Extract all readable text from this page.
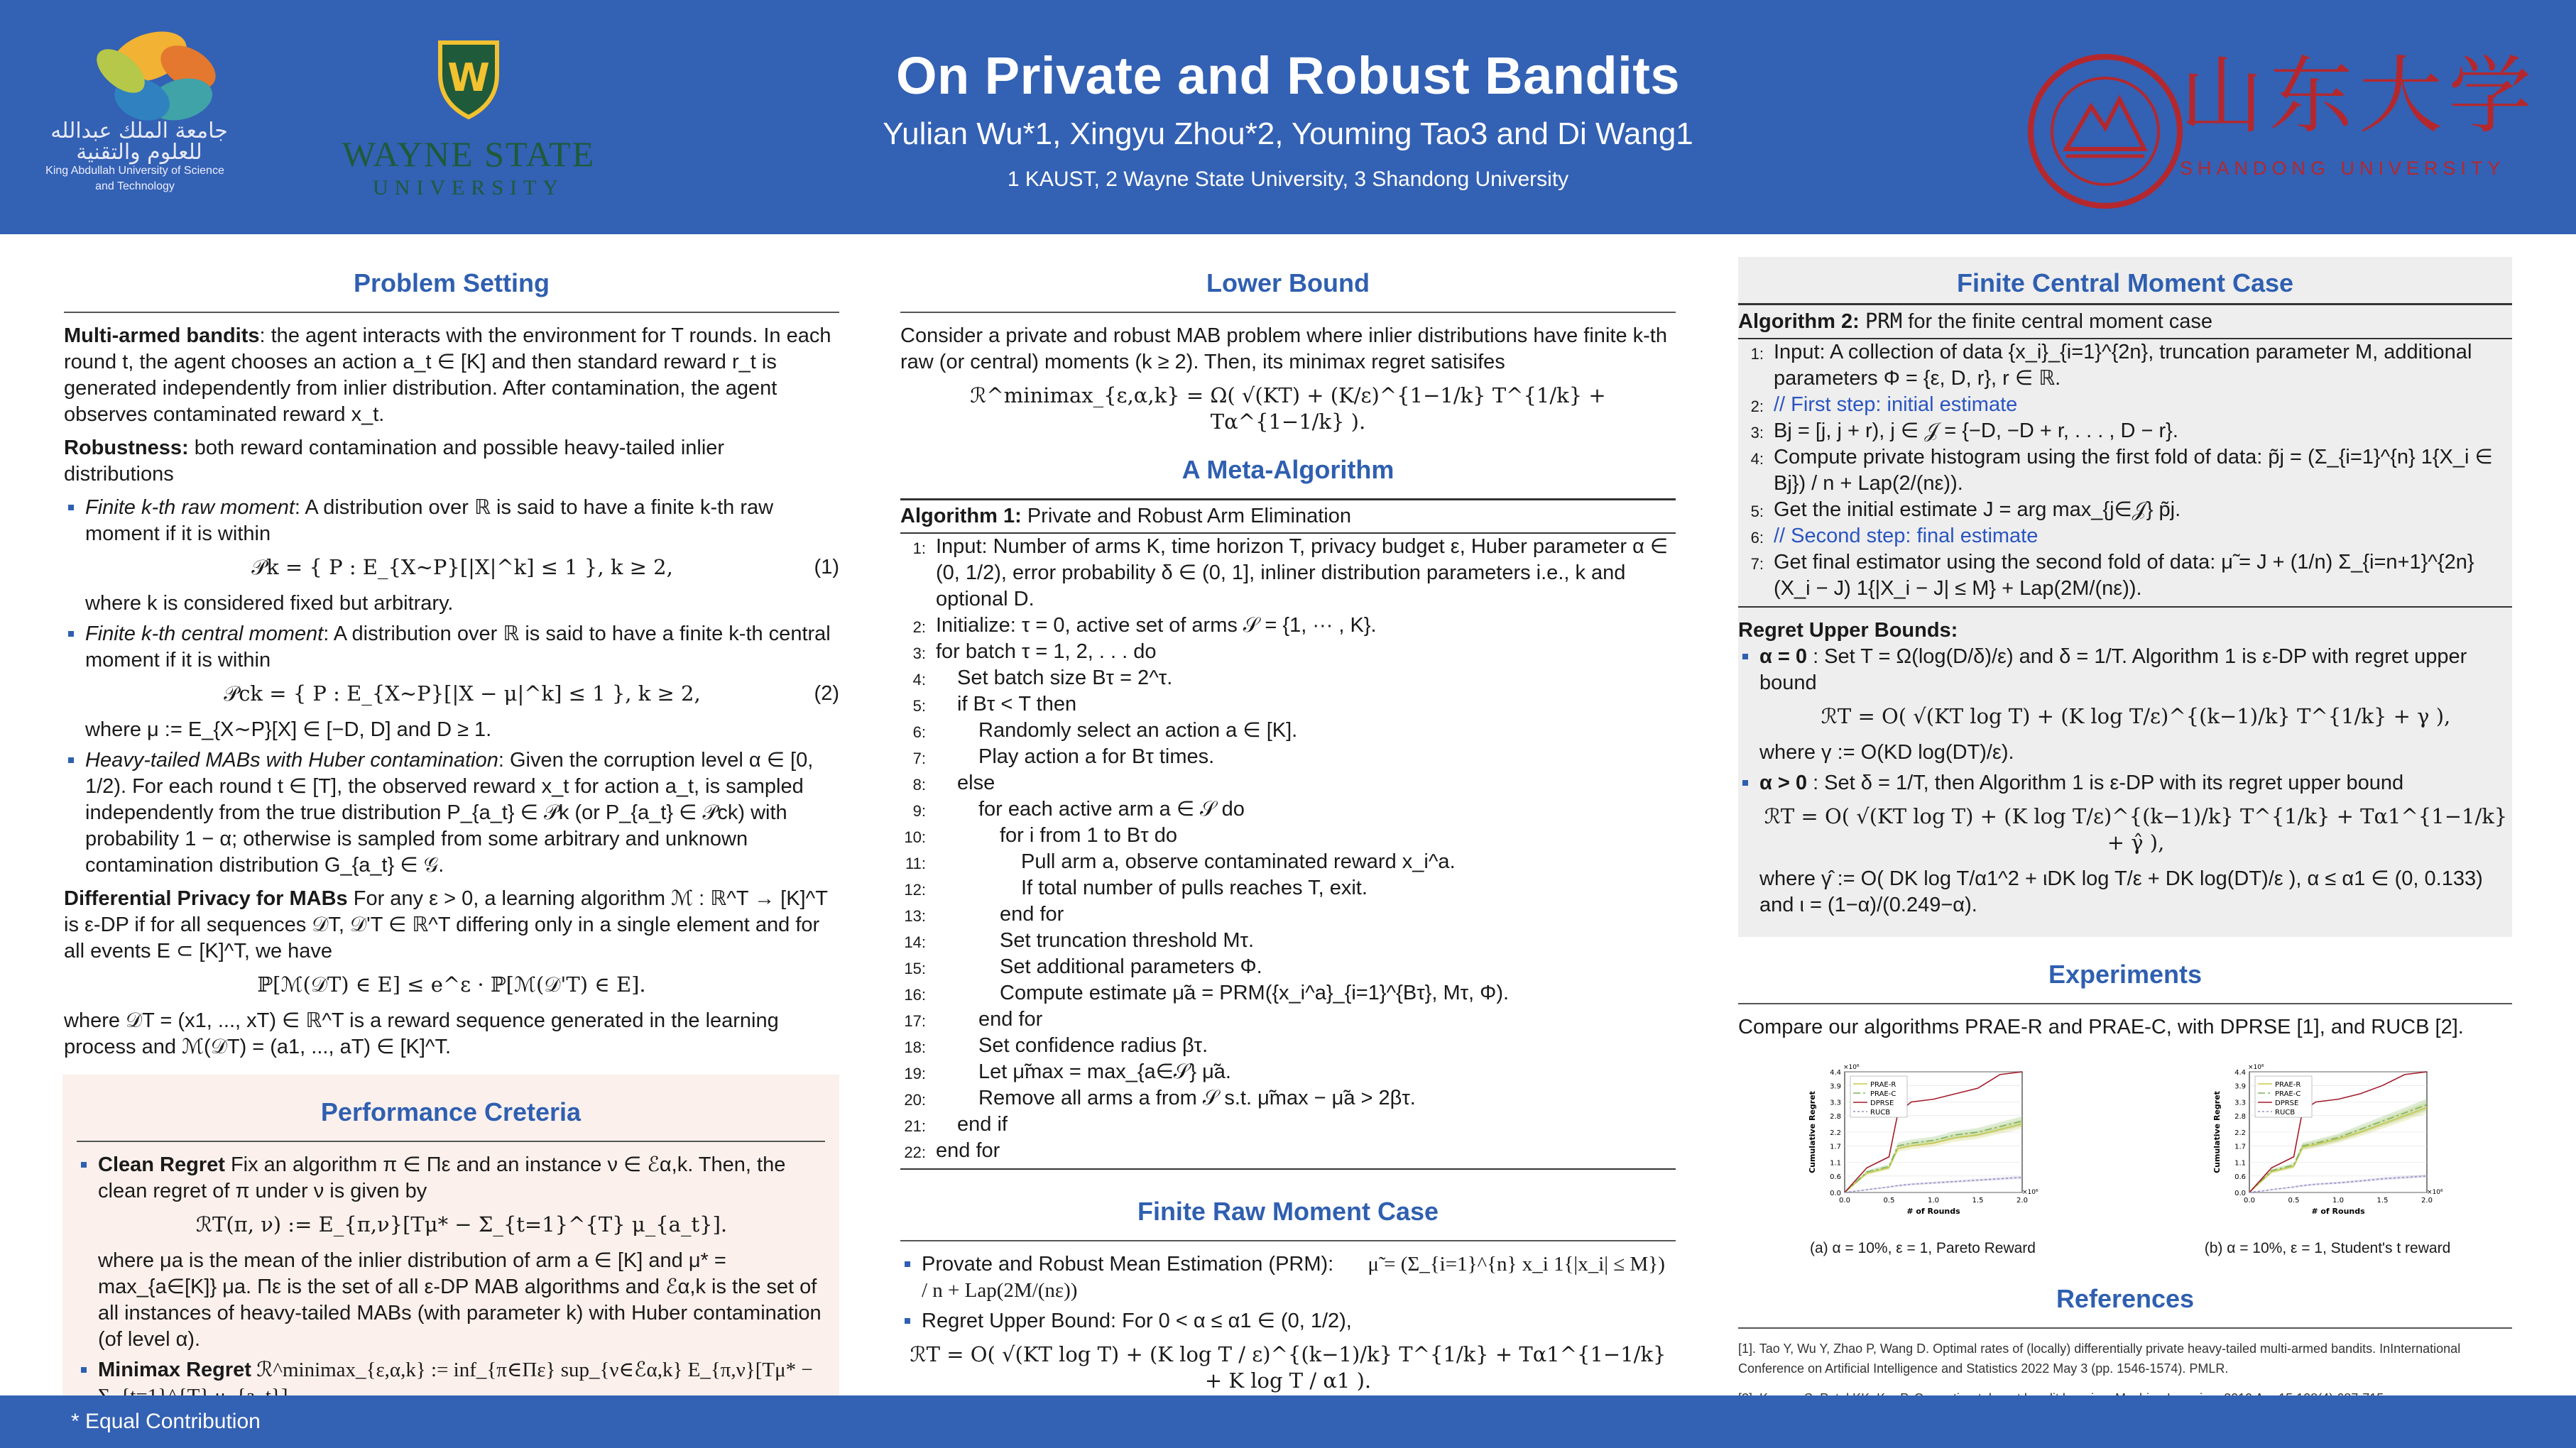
جامعة الملك عبدالله للعلوم والتقنية
King Abdullah University of Science and Technology
W
WAYNE STATE
UNIVERSITY
On Private and Robust Bandits
Yulian Wu*1, Xingyu Zhou*2, Youming Tao3 and Di Wang1
1 KAUST, 2 Wayne State University, 3 Shandong University
山东大学
SHANDONG UNIVERSITY
Problem Setting

Multi-armed bandits: the agent interacts with the environment for T rounds. In each round t, the agent chooses an action a_t ∈ [K] and then standard reward r_t is generated independently from inlier distribution. After contamination, the agent observes contaminated reward x_t.

Robustness: both reward contamination and possible heavy-tailed inlier distributions

Finite k-th raw moment: A distribution over ℝ is said to have a finite k-th raw moment if it is within
𝒫k = { P : E_{X∼P}[|X|^k] ≤ 1 }, k ≥ 2,	(1)
where k is considered fixed but arbitrary.
Finite k-th central moment: A distribution over ℝ is said to have a finite k-th central moment if it is within
𝒫ck = { P : E_{X∼P}[|X − μ|^k] ≤ 1 }, k ≥ 2,	(2)
where μ := E_{X∼P}[X] ∈ [−D, D] and D ≥ 1.
Heavy-tailed MABs with Huber contamination: Given the corruption level α ∈ [0, 1/2). For each round t ∈ [T], the observed reward x_t for action a_t, is sampled independently from the true distribution P_{a_t} ∈ 𝒫k (or P_{a_t} ∈ 𝒫ck) with probability 1 − α; otherwise is sampled from some arbitrary and unknown contamination distribution G_{a_t} ∈ 𝒢.

Differential Privacy for MABs For any ε > 0, a learning algorithm ℳ : ℝ^T → [K]^T is ε-DP if for all sequences 𝒟T, 𝒟'T ∈ ℝ^T differing only in a single element and for all events E ⊂ [K]^T, we have

ℙ[ℳ(𝒟T) ∈ E] ≤ e^ε · ℙ[ℳ(𝒟'T) ∈ E].

where 𝒟T = (x1, ..., xT) ∈ ℝ^T is a reward sequence generated in the learning process and ℳ(𝒟T) = (a1, ..., aT) ∈ [K]^T.

Performance Creteria
Clean Regret Fix an algorithm π ∈ Πε and an instance ν ∈ ℰα,k. Then, the clean regret of π under ν is given by
ℛT(π, ν) := E_{π,ν}[Tμ* − Σ_{t=1}^{T} μ_{a_t}].
where μa is the mean of the inlier distribution of arm a ∈ [K] and μ* = max_{a∈[K]} μa. Πε is the set of all ε-DP MAB algorithms and ℰα,k is the set of all instances of heavy-tailed MABs (with parameter k) with Huber contamination (of level α).
Minimax Regret ℛ^minimax_{ε,α,k} := inf_{π∈Πε} sup_{ν∈ℰα,k} E_{π,ν}[Tμ* −
Lower Bound

Consider a private and robust MAB problem where inlier distributions have finite k-th raw (or central) moments (k ≥ 2). Then, its minimax regret satisifes

ℛ^minimax_{ε,α,k} = Ω( √(KT) + (K/ε)^{1−1/k} T^{1/k} + Tα^{1−1/k} ).
A Meta-Algorithm
Algorithm 1: Private and Robust Arm Elimination
1: Input: Number of arms K, time horizon T, privacy budget ε, Huber parameter α ∈ (0, 1/2), error probability δ ∈ (0, 1], inliner distribution parameters i.e., k and optional D.
2: Initialize: τ = 0, active set of arms 𝒮 = {1, ··· , K}.
3: for batch τ = 1, 2, . . . do
4: Set batch size Bτ = 2^τ.
5: if Bτ < T then
6:	Randomly select an action a ∈ [K].
7:	Play action a for Bτ times.
8: else
9:	for each active arm a ∈ 𝒮 do
10:	for i from 1 to Bτ do
11:	Pull arm a, observe contaminated reward x_i^a.
12:	If total number of pulls reaches T, exit.
13:	end for
14:	Set truncation threshold Mτ.
15:	Set additional parameters Φ.
16:	Compute estimate μ̃a = PRM({x_i^a}_{i=1}^{Bτ}, Mτ, Φ).
17:	end for
18:	Set confidence radius βτ.
19:	Let μ̃max = max_{a∈𝒮} μ̃a.
20:	Remove all arms a from 𝒮 s.t. μ̃max − μ̃a > 2βτ.
21: end if
22: end for
Finite Raw Moment Case
Provate and Robust Mean Estimation (PRM): μ̃ = (Σ_{i=1}^{n} x_i 1{|x_i| ≤ M}) / n + Lap(2M/(nε))
Regret Upper Bound: For 0 < α ≤ α1 ∈ (0, 1/2),
ℛT = O( √(KT log T) + (K log T / ε)^{(k−1)/k} T^{1/k} + Tα1^{1−1/k} + K log T / α1 ).
Finite Central Moment Case
Algorithm 2: PRM for the finite central moment case
1: Input: A collection of data {x_i}_{i=1}^{2n}, truncation parameter M, additional parameters Φ = {ε, D, r}, r ∈ ℝ.
2: // First step: initial estimate
3: Bj = [j, j + r), j ∈ 𝒥 = {−D, −D + r, . . . , D − r}.
4: Compute private histogram using the first fold of data: p̃j = (Σ_{i=1}^{n} 1{X_i ∈ Bj}) / n + Lap(2/(nε)).
5: Get the initial estimate J = arg max_{j∈𝒥} p̃j.
6: // Second step: final estimate
7: Get final estimator using the second fold of data: μ̃ = J + (1/n) Σ_{i=n+1}^{2n} (X_i − J) 1{|X_i − J| ≤ M} + Lap(2M/(nε)).
Regret Upper Bounds:
α = 0 : Set T = Ω(log(D/δ)/ε) and δ = 1/T. Algorithm 1 is ε-DP with regret upper bound
ℛT = O( √(KT log T) + (K log T/ε)^{(k−1)/k} T^{1/k} + γ ),
where γ := O(KD log(DT)/ε).
α > 0 : Set δ = 1/T, then Algorithm 1 is ε-DP with its regret upper bound
ℛT = O( √(KT log T) + (K log T/ε)^{(k−1)/k} T^{1/k} + Tα1^{1−1/k} + γ̂ ),
where γ̂ := O( DK log T/α1^2 + ιDK log T/ε + DK log(DT)/ε ), α ≤ α1 ∈ (0, 0.133) and ι = (1−α)/(0.249−α).
Experiments

Compare our algorithms PRAE-R and PRAE-C, with DPRSE [1], and RUCB [2].

0.0
0.6
1.1
1.7
2.2
2.8
3.3
3.9
4.4
0.0	0.5	1.0	1.5	2.0
×10⁶
×10⁶
# of Rounds
Cumulative Regret
PRAE-R
PRAE-C
DPRSE
RUCB
(a) α = 10%, ε = 1, Pareto Reward
0.0
0.6
1.1
1.7
2.2
2.8
3.3
3.9
4.4
0.0	0.5	1.0	1.5	2.0
×10⁶
×10⁶
# of Rounds
Cumulative Regret
PRAE-R
PRAE-C
DPRSE
RUCB
(b) α = 10%, ε = 1, Student's t reward
References
[1]. Tao Y, Wu Y, Zhao P, Wang D. Optimal rates of (locally) differentially private heavy-tailed multi-armed bandits. InInternational Conference on Artificial Intelligence and Statistics 2022 May 3 (pp. 1546-1574). PMLR.
* Equal Contribution
